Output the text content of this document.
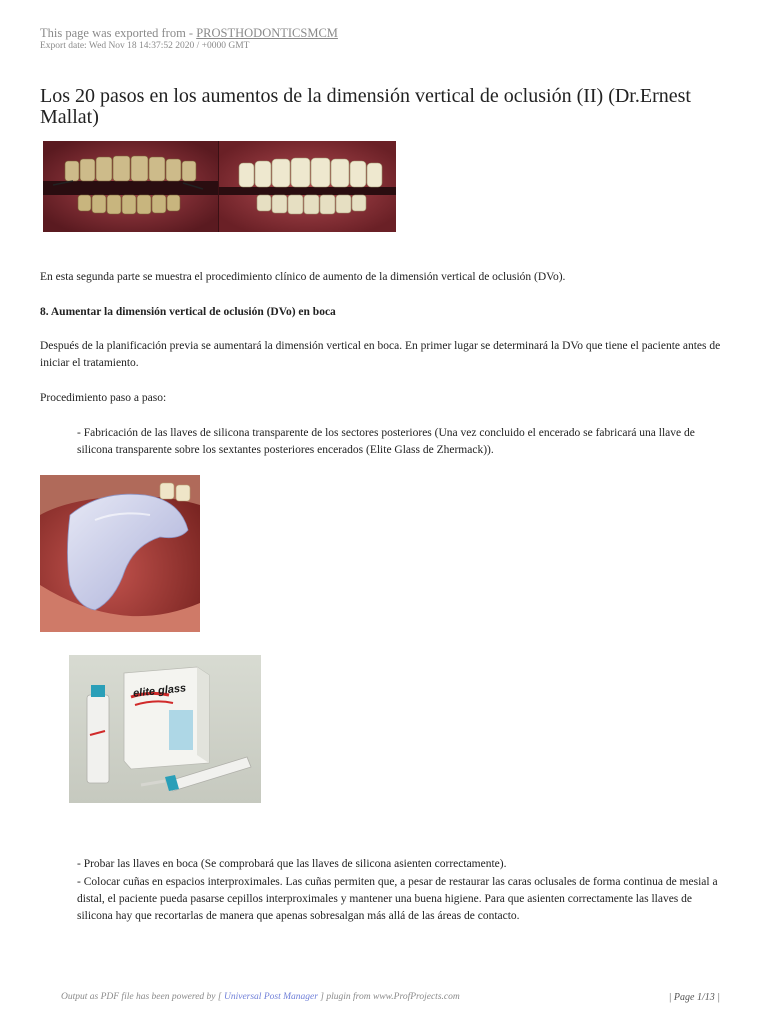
This page was exported from - PROSTHODONTICSMCM
Export date: Wed Nov 18 14:37:52 2020 / +0000 GMT
Los 20 pasos en los aumentos de la dimensión vertical de oclusión (II) (Dr.Ernest Mallat)

En esta segunda parte se muestra el procedimiento clínico de aumento de la dimensión vertical de oclusión (DVo).

8. Aumentar la dimensión vertical de oclusión (DVo) en boca

Después de la planificación previa se aumentará la dimensión vertical en boca. En primer lugar se determinará la DVo que tiene el paciente antes de iniciar el tratamiento.

Procedimiento paso a paso:

- Fabricación de las llaves de silicona transparente de los sectores posteriores (Una vez concluido el encerado se fabricará una llave de silicona transparente sobre los sextantes posteriores encerados (Elite Glass de Zhermack)).

elite glass

- Probar las llaves en boca (Se comprobará que las llaves de silicona asienten correctamente).

- Colocar cuñas en espacios interproximales. Las cuñas permiten que, a pesar de restaurar las caras oclusales de forma continua de mesial a distal, el paciente pueda pasarse cepillos interproximales y mantener una buena higiene. Para que asienten correctamente las llaves de silicona hay que recortarlas de manera que apenas sobresalgan más allá de las áreas de contacto.

Output as PDF file has been powered by [ Universal Post Manager ] plugin from www.ProfProjects.com	| Page 1/13 |
